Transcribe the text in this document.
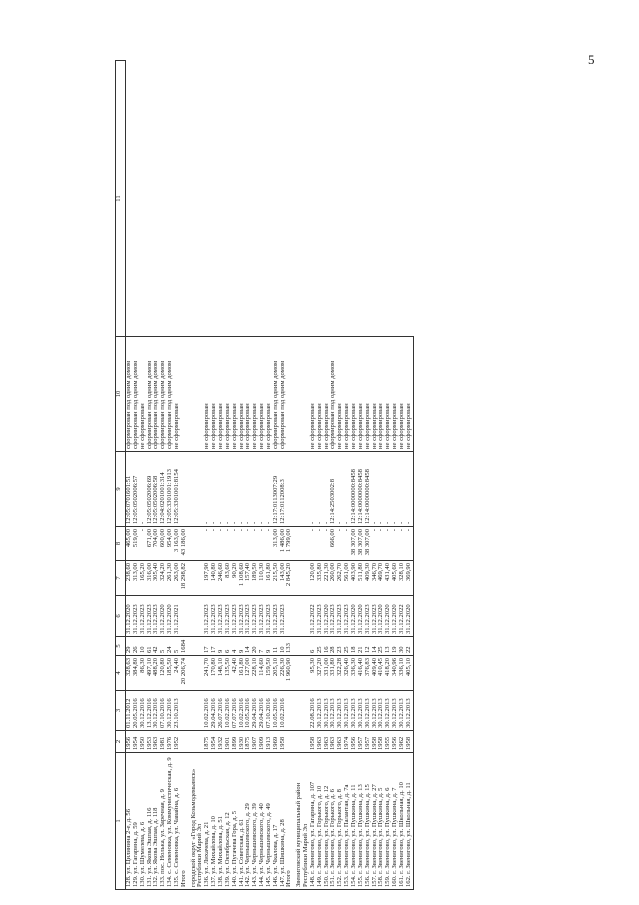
5
1	2	3	4	5	6	7	8	9	10	11
128. ул. Цилинина 2-е, д. 56	1956	01.11.2012	328,63	29	31.12.2020	238,60	465,00	12:05:0701601:51	сформирован под одним домом	
129. ул. Гагарина, д. 59	1954	20.05.2016	384,80	26	31.12.2023	313,00	519,00	12:05:0502006:57	сформирован под одним домом	
130. ул. Шумелева, д. 6	1950	30.12.2016	86,30	10	31.12.2023	165,20	-	-	не сформирован	
131. ул. Якова Эшпая, д. 116	1953	13.12.2016	497,10	61	31.12.2023	316,00	671,00	12:05:0502006:69	сформирован под одним домом	
132. ул. Якова Эшпая, д. 118	1963	30.12.2016	488,20	42	31.12.2023	305,40	704,00	12:05:0502006:58	сформирован под одним домом	
133. пос. Нолька, ул. Заречная, д. 9	1981	07.10.2016	120,80	5	31.12.2020	324,20	600,00	12:04:0201001:314	сформирован под одним домом	
134. с. Семеновка, ул. Коммунистическая, д. 9	1976	30.12.2016	185,50	24	31.12.2020	261,30	954,00	12:05:3301001:1913	сформирован под одним домом	
135. с. Семеновка, ул. Чавайна, д. 6	1952	23.10.2013	24,40	5	31.12.2021	263,00	3 163,00	12:05:3301001:8154	не сформирован	
Итого			20 206,74	1684		18 298,82	43 186,00			
городской округ «Город Козьмодемьянск» Республики Марий Эл										
136. ул. Лихачева, д. 21	1875	10.02.2016	241,70	17	31.12.2023	197,90	-	-	не сформирован	
137. ул. Михайлова, д. 10	1954	29.04.2016	170,80	17	31.12.2023	140,80	-	-	не сформирован	
138. ул. Михайлова, д. 51	1932	26.07.2016	148,10	9	31.12.2023	246,60	-	-	не сформирован	
139. ул. Октябрьская, д. 12	1901	10.02.2016	135,50	6	31.12.2023	83,60	-	-	не сформирован	
140. ул. Пугачева Гора, д. 5	1899	07.07.2016	42,40	4	31.12.2023	90,20	-	-	не сформирован	
141. ул. Советская, д. 61	1930	10.02.2016	161,80	9	31.12.2023	1 108,60	-	-	не сформирован	
142. ул. Чернышевского, д. 29	1875	10.05.2016	127,00	14	31.12.2023	157,40	-	-	не сформирован	
143. ул. Чернышевского, д. 39	1907	29.04.2016	228,10	20	31.12.2023	189,50	-	-	не сформирован	
144. ул. Чернышевского, д. 40	1909	29.04.2016	114,60	7	31.12.2023	110,30	-	-	не сформирован	
145. ул. Чернышевского, д. 49	1913	07.10.2016	159,50	9	31.12.2023	161,80	-	-	не сформирован	
146. ул. Чкалова, д. 17	1969	10.05.2016	205,10	11	31.12.2023	215,50	313,00	12:17:0113007:29	сформирован под одним домом	
147. ул. Шишкина, д. 28	1958	10.02.2016	226,30	10	31.12.2023	143,00	1 486,00	12:17:0112008:3	сформирован под одним домом	
Итого			1 960,90	133		2 845,20	1 799,00			
Звениговский муниципальный район Республики Марий Эл										
148. г. Звенигово, ул. Гагарина, д. 107	1958	22.08.2016	95,30	6	31.12.2022	120,00	-	-	не сформирован	
149. г. Звенигово, ул. Горького, д. 10	1963	30.12.2013	327,20	25	31.12.2023	335,80	-	-	не сформирован	
150. г. Звенигово, ул. Горького, д. 12	1963	30.12.2013	331,00	16	31.12.2020	221,30	-	-	не сформирован	
151. г. Звенигово, ул. Горького, д. 6	1963	30.12.2013	331,80	28	31.12.2023	260,00	666,00	12:14:2503002:8	сформирован под одним домом	
152. г. Звенигово, ул. Горького, д. 8	1963	30.12.2013	322,28	23	31.12.2023	262,70	-	-	не сформирован	
153. г. Звенигово, ул. Палантая, д. 7а	1974	30.12.2013	326,40	25	31.12.2023	561,00	-	-	не сформирован	
154. г. Звенигово, ул. Пушкина, д. 11	1956	30.12.2013	336,30	18	31.12.2020	403,90	38 307,00	12:14:0000000:8458	не сформирован	
155. г. Звенигово, ул. Пушкина, д. 13	1957	30.12.2013	416,40	21	31.12.2020	511,80	38 307,00	12:14:0000000:8458	не сформирован	
156. г. Звенигово, ул. Пушкина, д. 15	1957	30.12.2013	376,83	12	31.12.2023	409,30	38 307,00	12:14:0000000:8458	не сформирован	
157. г. Звенигово, ул. Пушкина, д. 27	1958	30.12.2013	409,40	14	31.12.2023	346,70	-	-	не сформирован	
158. г. Звенигово, ул. Пушкина, д. 5	1958	30.12.2013	410,45	25	31.12.2020	469,70	-	-	не сформирован	
159. г. Звенигово, ул. Пушкина, д. 6	1955	30.12.2013	418,20	13	31.12.2020	431,40	-	-	не сформирован	
160. г. Звенигово, ул. Пушкина, д. 7	1956	30.12.2013	340,96	19	31.12.2020	405,60	-	-	не сформирован	
161. г. Звенигово, ул. Школьная, д. 10	1962	30.12.2013	336,10	30	31.12.2022	328,10	-	-	не сформирован	
162. г. Звенигово, ул. Школьная, д. 11	1958	30.12.2013	405,10	22	31.12.2020	369,90	-	-	не сформирован	
